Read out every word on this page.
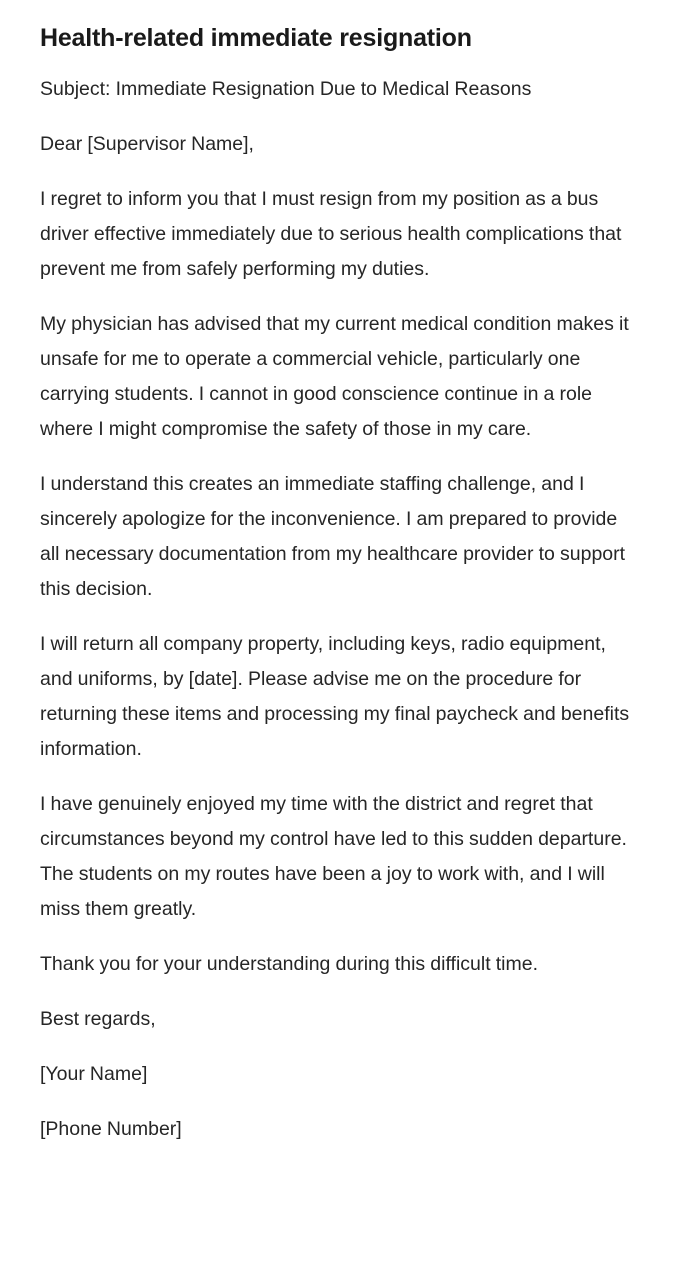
Health-related immediate resignation

Subject: Immediate Resignation Due to Medical Reasons

Dear [Supervisor Name],

I regret to inform you that I must resign from my position as a bus driver effective immediately due to serious health complications that prevent me from safely performing my duties.

My physician has advised that my current medical condition makes it unsafe for me to operate a commercial vehicle, particularly one carrying students. I cannot in good conscience continue in a role where I might compromise the safety of those in my care.

I understand this creates an immediate staffing challenge, and I sincerely apologize for the inconvenience. I am prepared to provide all necessary documentation from my healthcare provider to support this decision.

I will return all company property, including keys, radio equipment, and uniforms, by [date]. Please advise me on the procedure for returning these items and processing my final paycheck and benefits information.

I have genuinely enjoyed my time with the district and regret that circumstances beyond my control have led to this sudden departure. The students on my routes have been a joy to work with, and I will miss them greatly.

Thank you for your understanding during this difficult time.

Best regards,

[Your Name]

[Phone Number]
